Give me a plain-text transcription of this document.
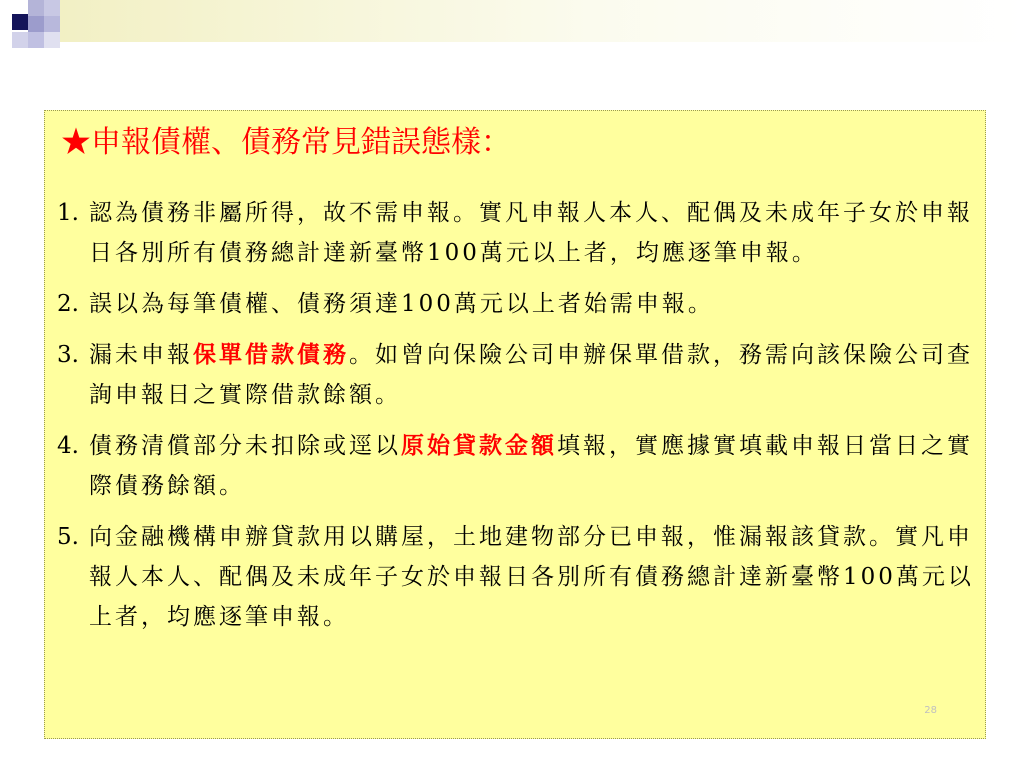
★申報債權、債務常見錯誤態樣：
1. 認為債務非屬所得，故不需申報。實凡申報人本人、配偶及未成年子女於申報日各別所有債務總計達新臺幣100萬元以上者，均應逐筆申報。
2. 誤以為每筆債權、債務須達100萬元以上者始需申報。
3. 漏未申報保單借款債務。如曾向保險公司申辦保單借款，務需向該保險公司查詢申報日之實際借款餘額。
4. 債務清償部分未扣除或逕以原始貸款金額填報，實應據實填載申報日當日之實際債務餘額。
5. 向金融機構申辦貸款用以購屋，土地建物部分已申報，惟漏報該貸款。實凡申報人本人、配偶及未成年子女於申報日各別所有債務總計達新臺幣100萬元以上者，均應逐筆申報。
28
